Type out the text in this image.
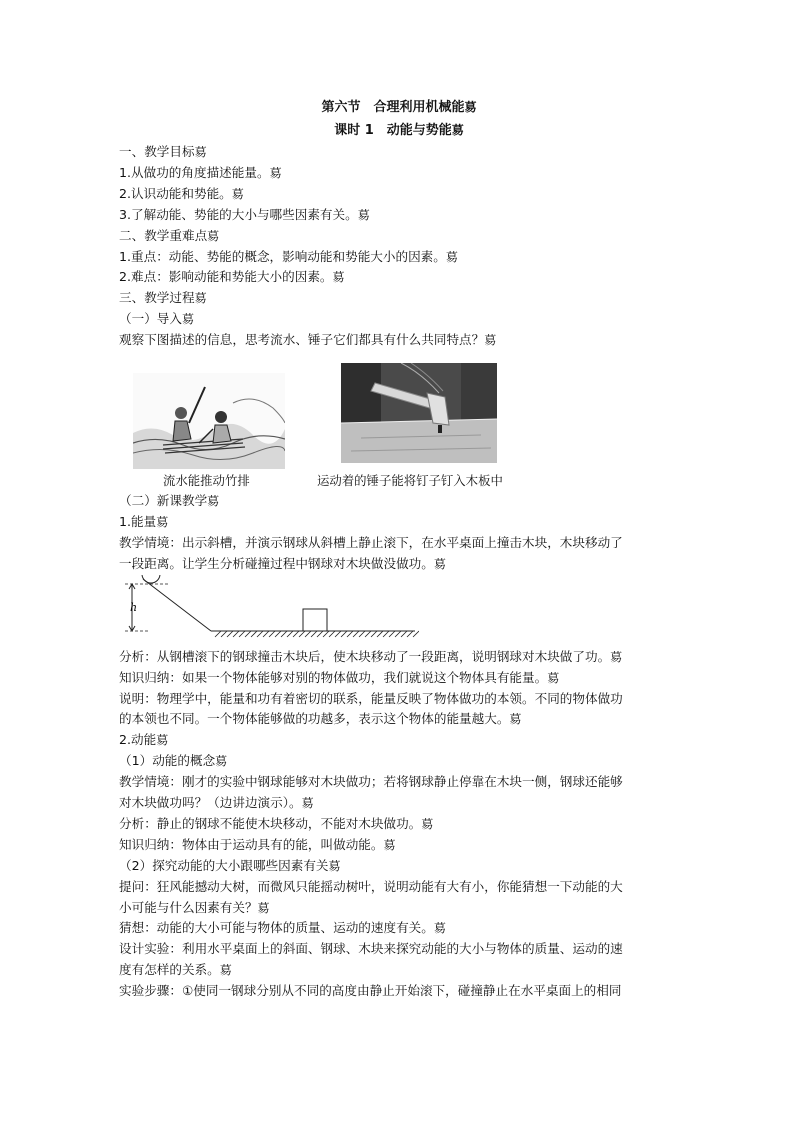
第六节　合理利用机械能䓪
课时 1　动能与势能䓪
一、教学目标䓪
1.从做功的角度描述能量。䓪
2.认识动能和势能。䓪
3.了解动能、势能的大小与哪些因素有关。䓪
二、教学重难点䓪
1.重点：动能、势能的概念，影响动能和势能大小的因素。䓪
2.难点：影响动能和势能大小的因素。䓪
三、教学过程䓪
（一）导入䓪
观察下图描述的信息，思考流水、锤子它们都具有什么共同特点？䓪
流水能推动竹排	运动着的锤子能将钉子钉入木板中
（二）新课教学䓪
1.能量䓪
教学情境：出示斜槽，并演示钢球从斜槽上静止滚下，在水平桌面上撞击木块，木块移动了
一段距离。让学生分析碰撞过程中钢球对木块做没做功。䓪
h
分析：从钢槽滚下的钢球撞击木块后，使木块移动了一段距离，说明钢球对木块做了功。䓪
知识归纳：如果一个物体能够对别的物体做功，我们就说这个物体具有能量。䓪
说明：物理学中，能量和功有着密切的联系，能量反映了物体做功的本领。不同的物体做功
的本领也不同。一个物体能够做的功越多，表示这个物体的能量越大。䓪
2.动能䓪
（1）动能的概念䓪
教学情境：刚才的实验中钢球能够对木块做功；若将钢球静止停靠在木块一侧，钢球还能够
对木块做功吗？（边讲边演示）。䓪
分析：静止的钢球不能使木块移动，不能对木块做功。䓪
知识归纳：物体由于运动具有的能，叫做动能。䓪
（2）探究动能的大小跟哪些因素有关䓪
提问：狂风能撼动大树，而微风只能摇动树叶，说明动能有大有小，你能猜想一下动能的大
小可能与什么因素有关？䓪
猜想：动能的大小可能与物体的质量、运动的速度有关。䓪
设计实验：利用水平桌面上的斜面、钢球、木块来探究动能的大小与物体的质量、运动的速
度有怎样的关系。䓪
实验步骤：①使同一钢球分别从不同的高度由静止开始滚下，碰撞静止在水平桌面上的相同
